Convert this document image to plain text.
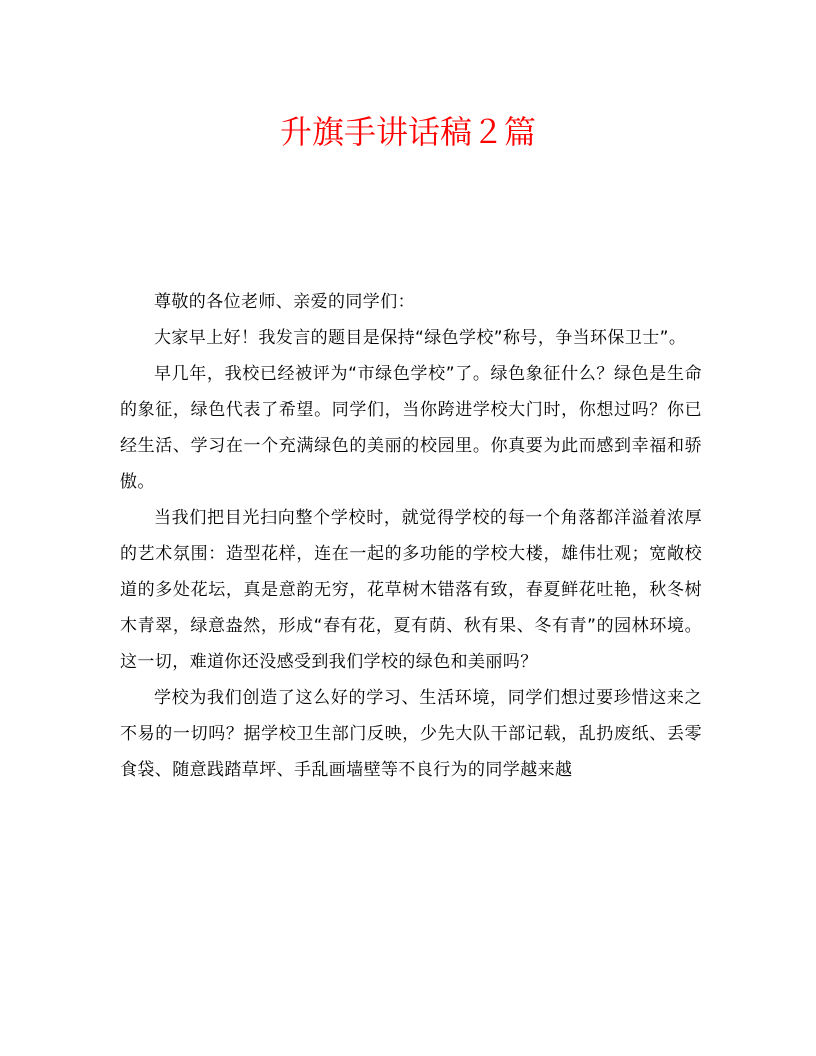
升旗手讲话稿２篇

尊敬的各位老师、亲爱的同学们：

大家早上好！我发言的题目是保持“绿色学校”称号，争当环保卫士”。

早几年，我校已经被评为“市绿色学校”了。绿色象征什么？绿色是生命的象征，绿色代表了希望。同学们，当你跨进学校大门时，你想过吗？你已经生活、学习在一个充满绿色的美丽的校园里。你真要为此而感到幸福和骄傲。

当我们把目光扫向整个学校时，就觉得学校的每一个角落都洋溢着浓厚的艺术氛围：造型花样，连在一起的多功能的学校大楼，雄伟壮观；宽敞校道的多处花坛，真是意韵无穷，花草树木错落有致，春夏鲜花吐艳，秋冬树木青翠，绿意盎然，形成“春有花，夏有荫、秋有果、冬有青”的园林环境。这一切，难道你还没感受到我们学校的绿色和美丽吗？

学校为我们创造了这么好的学习、生活环境，同学们想过要珍惜这来之不易的一切吗？据学校卫生部门反映，少先大队干部记载，乱扔废纸、丢零食袋、随意践踏草坪、手乱画墙壁等不良行为的同学越来越
